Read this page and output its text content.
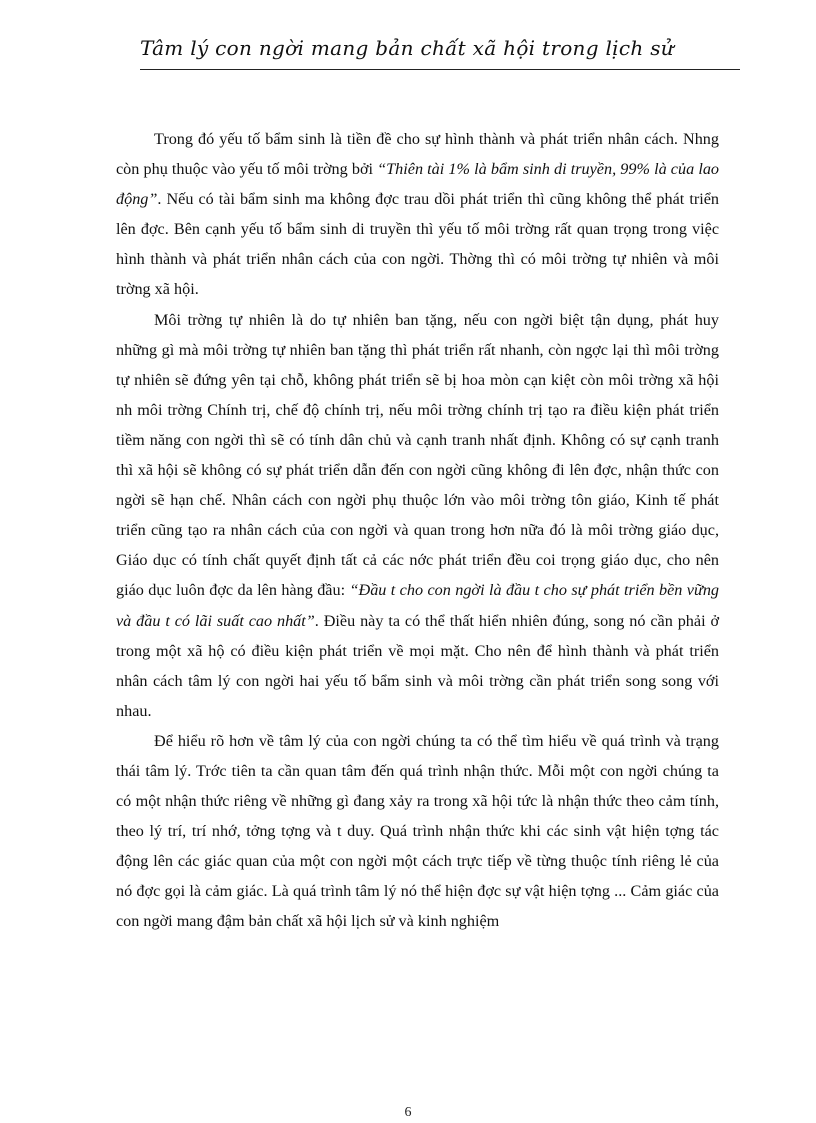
Tâm lý con ngời mang bản chất xã hội trong lịch sử

Trong đó yếu tố bẩm sinh là tiền đề cho sự hình thành và phát triển nhân cách. Nhng còn phụ thuộc vào yếu tố môi trờng bởi “Thiên tài 1% là bẩm sinh di truyền, 99% là của lao động”. Nếu có tài bẩm sinh ma không đợc trau dồi phát triển thì cũng không thể phát triển lên đợc. Bên cạnh yếu tố bẩm sinh di truyền thì yếu tố môi trờng rất quan trọng trong việc hình thành và phát triển nhân cách của con ngời. Thờng thì có môi trờng tự nhiên và môi trờng xã hội.

Môi trờng tự nhiên là do tự nhiên ban tặng, nếu con ngời biệt tận dụng, phát huy những gì mà môi trờng tự nhiên ban tặng thì phát triển rất nhanh, còn ngợc lại thì môi trờng tự nhiên sẽ đứng yên tại chỗ, không phát triển sẽ bị hoa mòn cạn kiệt còn môi trờng xã hội nh môi trờng Chính trị, chế độ chính trị, nếu môi trờng chính trị tạo ra điều kiện phát triển tiềm năng con ngời thì sẽ có tính dân chủ và cạnh tranh nhất định. Không có sự cạnh tranh thì xã hội sẽ không có sự phát triển dẫn đến con ngời cũng không đi lên đợc, nhận thức con ngời sẽ hạn chế. Nhân cách con ngời phụ thuộc lớn vào môi trờng tôn giáo, Kinh tế phát triển cũng tạo ra nhân cách của con ngời và quan trong hơn nữa đó là môi trờng giáo dục, Giáo dục có tính chất quyết định tất cả các nớc phát triển đều coi trọng giáo dục, cho nên giáo dục luôn đợc da lên hàng đầu: “Đầu t cho con ngời là đầu t cho sự phát triển bền vững và đầu t có lãi suất cao nhất”. Điều này ta có thể thất hiển nhiên đúng, song nó cần phải ở trong một xã hộ có điều kiện phát triển về mọi mặt. Cho nên để hình thành và phát triển nhân cách tâm lý con ngời hai yếu tố bẩm sinh và môi trờng cần phát triển song song với nhau.

Để hiểu rõ hơn về tâm lý của con ngời chúng ta có thể tìm hiểu về quá trình và trạng thái tâm lý. Trớc tiên ta cần quan tâm đến quá trình nhận thức. Mỗi một con ngời chúng ta có một nhận thức riêng về những gì đang xảy ra trong xã hội tức là nhận thức theo cảm tính, theo lý trí, trí nhớ, tởng tợng và t duy. Quá trình nhận thức khi các sinh vật hiện tợng tác động lên các giác quan của một con ngời một cách trực tiếp về từng thuộc tính riêng lẻ của nó đợc gọi là cảm giác. Là quá trình tâm lý nó thể hiện đợc sự vật hiện tợng ... Cảm giác của con ngời mang đậm bản chất xã hội lịch sử và kinh nghiệm

6
